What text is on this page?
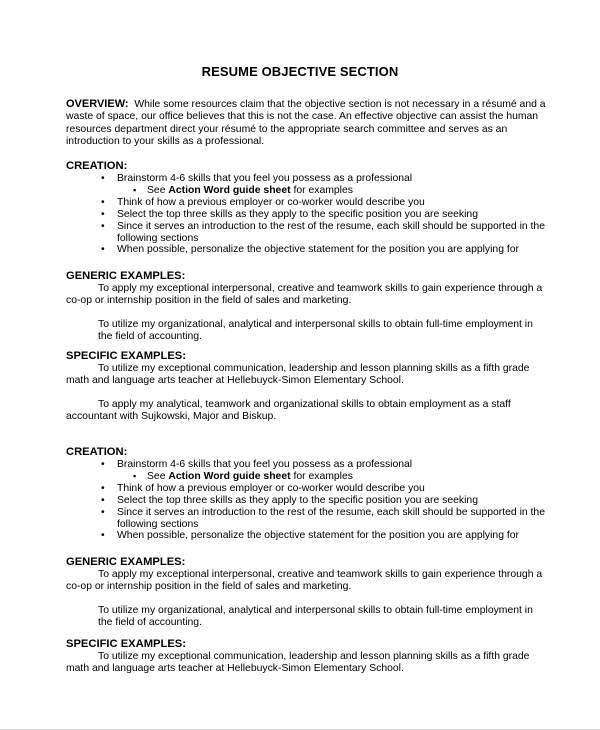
RESUME OBJECTIVE SECTION
OVERVIEW: While some resources claim that the objective section is not necessary in a résumé and a waste of space, our office believes that this is not the case. An effective objective can assist the human resources department direct your résumé to the appropriate search committee and serves as an introduction to your skills as a professional.
CREATION:
• Brainstorm 4-6 skills that you feel you possess as a professional
▪ See Action Word guide sheet for examples
• Think of how a previous employer or co-worker would describe you
• Select the top three skills as they apply to the specific position you are seeking
• Since it serves an introduction to the rest of the resume, each skill should be supported in the following sections
• When possible, personalize the objective statement for the position you are applying for
GENERIC EXAMPLES:

To apply my exceptional interpersonal, creative and teamwork skills to gain experience through a co-op or internship position in the field of sales and marketing.

To utilize my organizational, analytical and interpersonal skills to obtain full-time employment in the field of accounting.

SPECIFIC EXAMPLES:

To utilize my exceptional communication, leadership and lesson planning skills as a fifth grade math and language arts teacher at Hellebuyck-Simon Elementary School.

To apply my analytical, teamwork and organizational skills to obtain employment as a staff accountant with Sujkowski, Major and Biskup.

CREATION:
• Brainstorm 4-6 skills that you feel you possess as a professional
▪ See Action Word guide sheet for examples
• Think of how a previous employer or co-worker would describe you
• Select the top three skills as they apply to the specific position you are seeking
• Since it serves an introduction to the rest of the resume, each skill should be supported in the following sections
• When possible, personalize the objective statement for the position you are applying for
GENERIC EXAMPLES:

To apply my exceptional interpersonal, creative and teamwork skills to gain experience through a co-op or internship position in the field of sales and marketing.

To utilize my organizational, analytical and interpersonal skills to obtain full-time employment in the field of accounting.

SPECIFIC EXAMPLES:

To utilize my exceptional communication, leadership and lesson planning skills as a fifth grade math and language arts teacher at Hellebuyck-Simon Elementary School.
